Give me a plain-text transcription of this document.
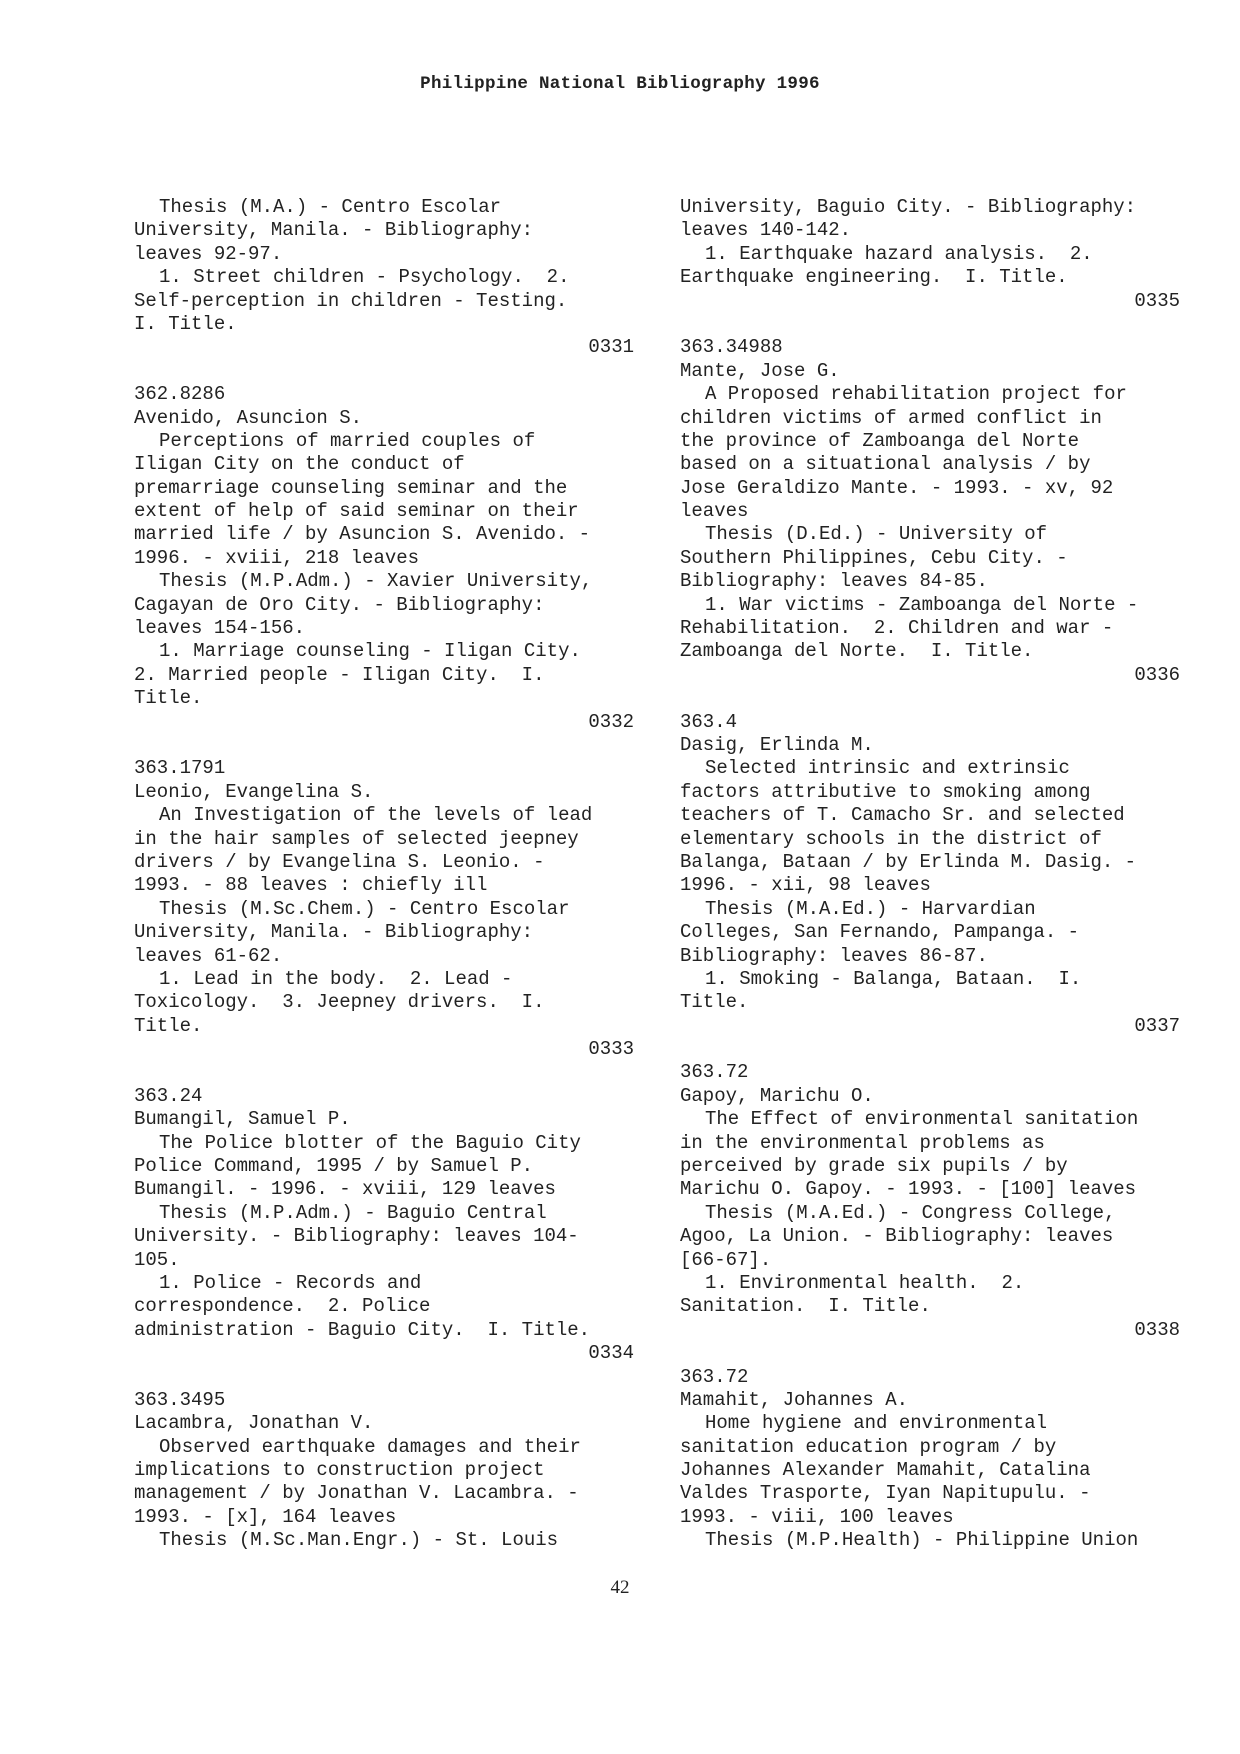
Philippine National Bibliography 1996
Thesis (M.A.) - Centro Escolar
University, Manila. - Bibliography:
leaves 92-97.
1. Street children - Psychology.  2.
Self-perception in children - Testing.
I. Title.
0331
362.8286
Avenido, Asuncion S.
Perceptions of married couples of
Iligan City on the conduct of
premarriage counseling seminar and the
extent of help of said seminar on their
married life / by Asuncion S. Avenido. -
1996. - xviii, 218 leaves
Thesis (M.P.Adm.) - Xavier University,
Cagayan de Oro City. - Bibliography:
leaves 154-156.
1. Marriage counseling - Iligan City.
2. Married people - Iligan City.  I.
Title.
0332
363.1791
Leonio, Evangelina S.
An Investigation of the levels of lead
in the hair samples of selected jeepney
drivers / by Evangelina S. Leonio. -
1993. - 88 leaves : chiefly ill
Thesis (M.Sc.Chem.) - Centro Escolar
University, Manila. - Bibliography:
leaves 61-62.
1. Lead in the body.  2. Lead -
Toxicology.  3. Jeepney drivers.  I.
Title.
0333
363.24
Bumangil, Samuel P.
The Police blotter of the Baguio City
Police Command, 1995 / by Samuel P.
Bumangil. - 1996. - xviii, 129 leaves
Thesis (M.P.Adm.) - Baguio Central
University. - Bibliography: leaves 104-
105.
1. Police - Records and
correspondence.  2. Police
administration - Baguio City.  I. Title.
0334
363.3495
Lacambra, Jonathan V.
Observed earthquake damages and their
implications to construction project
management / by Jonathan V. Lacambra. -
1993. - [x], 164 leaves
Thesis (M.Sc.Man.Engr.) - St. Louis
University, Baguio City. - Bibliography:
leaves 140-142.
1. Earthquake hazard analysis.  2.
Earthquake engineering.  I. Title.
0335
363.34988
Mante, Jose G.
A Proposed rehabilitation project for
children victims of armed conflict in
the province of Zamboanga del Norte
based on a situational analysis / by
Jose Geraldizo Mante. - 1993. - xv, 92
leaves
Thesis (D.Ed.) - University of
Southern Philippines, Cebu City. -
Bibliography: leaves 84-85.
1. War victims - Zamboanga del Norte -
Rehabilitation.  2. Children and war -
Zamboanga del Norte.  I. Title.
0336
363.4
Dasig, Erlinda M.
Selected intrinsic and extrinsic
factors attributive to smoking among
teachers of T. Camacho Sr. and selected
elementary schools in the district of
Balanga, Bataan / by Erlinda M. Dasig. -
1996. - xii, 98 leaves
Thesis (M.A.Ed.) - Harvardian
Colleges, San Fernando, Pampanga. -
Bibliography: leaves 86-87.
1. Smoking - Balanga, Bataan.  I.
Title.
0337
363.72
Gapoy, Marichu O.
The Effect of environmental sanitation
in the environmental problems as
perceived by grade six pupils / by
Marichu O. Gapoy. - 1993. - [100] leaves
Thesis (M.A.Ed.) - Congress College,
Agoo, La Union. - Bibliography: leaves
[66-67].
1. Environmental health.  2.
Sanitation.  I. Title.
0338
363.72
Mamahit, Johannes A.
Home hygiene and environmental
sanitation education program / by
Johannes Alexander Mamahit, Catalina
Valdes Trasporte, Iyan Napitupulu. -
1993. - viii, 100 leaves
Thesis (M.P.Health) - Philippine Union
42
